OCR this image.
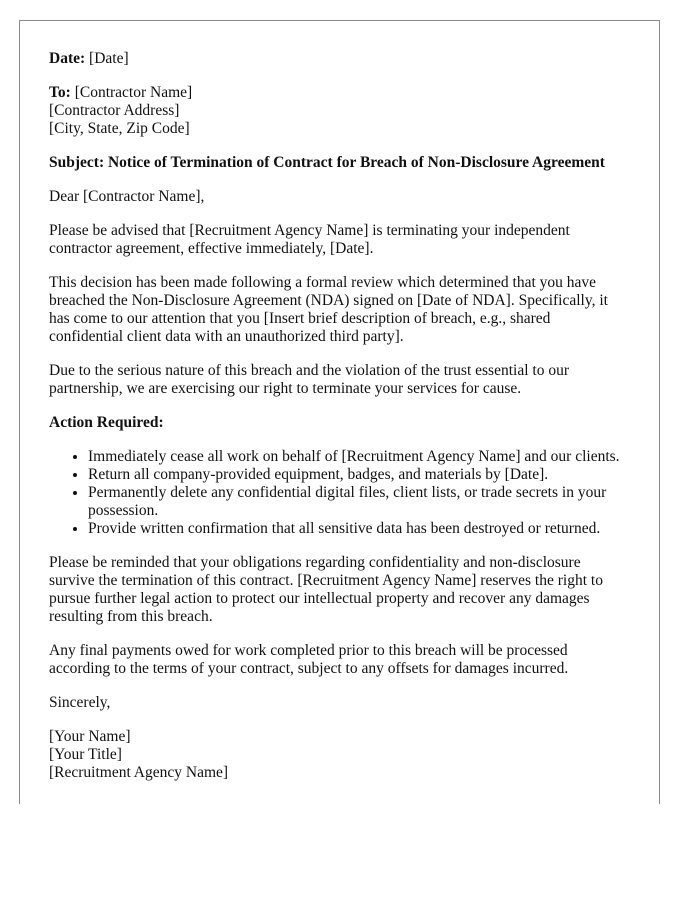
Date: [Date]

To: [Contractor Name]
[Contractor Address]
[City, State, Zip Code]

Subject: Notice of Termination of Contract for Breach of Non-Disclosure Agreement

Dear [Contractor Name],

Please be advised that [Recruitment Agency Name] is terminating your independent contractor agreement, effective immediately, [Date].

This decision has been made following a formal review which determined that you have breached the Non-Disclosure Agreement (NDA) signed on [Date of NDA]. Specifically, it has come to our attention that you [Insert brief description of breach, e.g., shared confidential client data with an unauthorized third party].

Due to the serious nature of this breach and the violation of the trust essential to our partnership, we are exercising our right to terminate your services for cause.

Action Required:

• Immediately cease all work on behalf of [Recruitment Agency Name] and our clients.
• Return all company-provided equipment, badges, and materials by [Date].
• Permanently delete any confidential digital files, client lists, or trade secrets in your possession.
• Provide written confirmation that all sensitive data has been destroyed or returned.

Please be reminded that your obligations regarding confidentiality and non-disclosure survive the termination of this contract. [Recruitment Agency Name] reserves the right to pursue further legal action to protect our intellectual property and recover any damages resulting from this breach.

Any final payments owed for work completed prior to this breach will be processed according to the terms of your contract, subject to any offsets for damages incurred.

Sincerely,

[Your Name]
[Your Title]
[Recruitment Agency Name]
